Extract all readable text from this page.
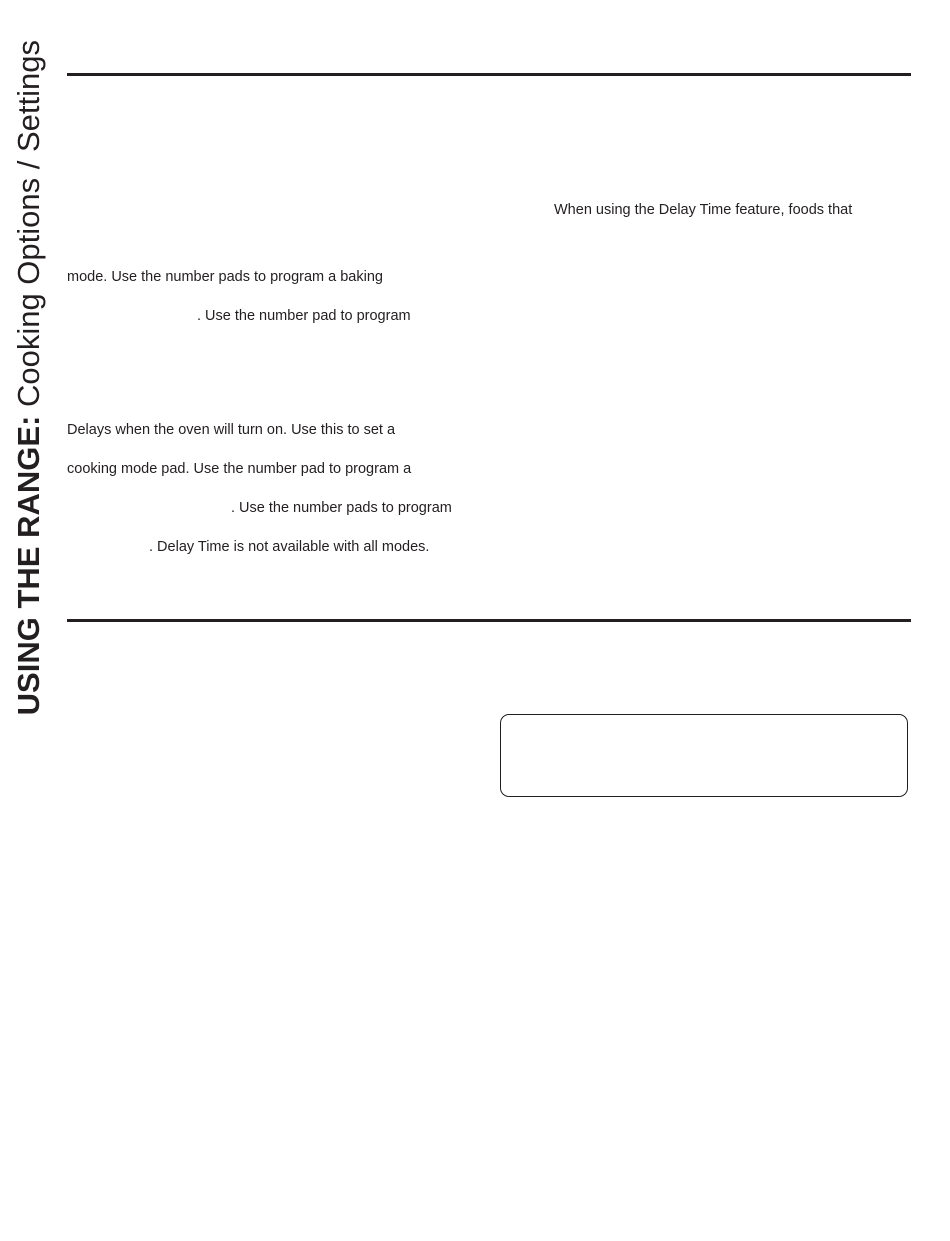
USING THE RANGE: Cooking Options / Settings	When using the Delay Time feature, foods that
mode. Use the number pads to program a baking
. Use the number pad to program
Delays when the oven will turn on. Use this to set a
cooking mode pad. Use the number pad to program a
. Use the number pads to program
. Delay Time is not available with all modes.
